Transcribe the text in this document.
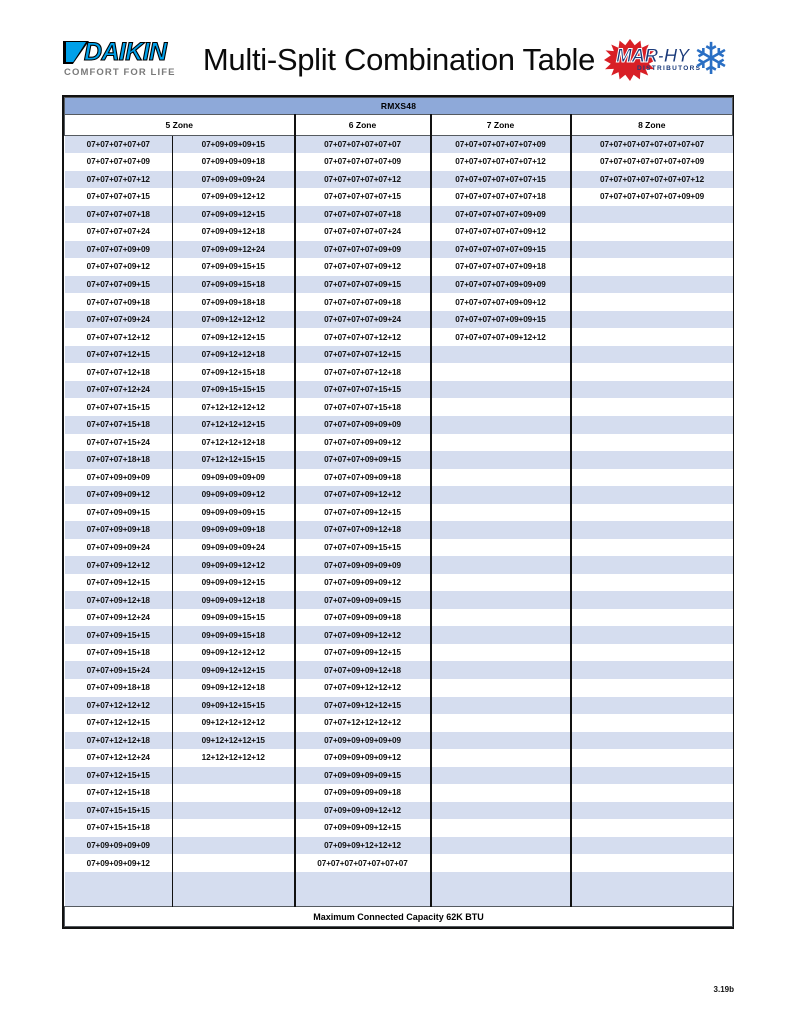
DAIKIN
COMFORT FOR LIFE Multi-Split Combination Table	MAR-HY
DISTRIBUTORS
❄
RMXS48				
5 Zone		6 Zone	7 Zone	8 Zone
07+07+07+07+07	07+09+09+09+15	07+07+07+07+07+07	07+07+07+07+07+07+09	07+07+07+07+07+07+07+07
07+07+07+07+09	07+09+09+09+18	07+07+07+07+07+09	07+07+07+07+07+07+12	07+07+07+07+07+07+07+09
07+07+07+07+12	07+09+09+09+24	07+07+07+07+07+12	07+07+07+07+07+07+15	07+07+07+07+07+07+07+12
07+07+07+07+15	07+09+09+12+12	07+07+07+07+07+15	07+07+07+07+07+07+18	07+07+07+07+07+07+09+09
07+07+07+07+18	07+09+09+12+15	07+07+07+07+07+18	07+07+07+07+07+09+09	
07+07+07+07+24	07+09+09+12+18	07+07+07+07+07+24	07+07+07+07+07+09+12	
07+07+07+09+09	07+09+09+12+24	07+07+07+07+09+09	07+07+07+07+07+09+15	
07+07+07+09+12	07+09+09+15+15	07+07+07+07+09+12	07+07+07+07+07+09+18	
07+07+07+09+15	07+09+09+15+18	07+07+07+07+09+15	07+07+07+07+09+09+09	
07+07+07+09+18	07+09+09+18+18	07+07+07+07+09+18	07+07+07+07+09+09+12	
07+07+07+09+24	07+09+12+12+12	07+07+07+07+09+24	07+07+07+07+09+09+15	
07+07+07+12+12	07+09+12+12+15	07+07+07+07+12+12	07+07+07+07+09+12+12	
07+07+07+12+15	07+09+12+12+18	07+07+07+07+12+15		
07+07+07+12+18	07+09+12+15+18	07+07+07+07+12+18		
07+07+07+12+24	07+09+15+15+15	07+07+07+07+15+15		
07+07+07+15+15	07+12+12+12+12	07+07+07+07+15+18		
07+07+07+15+18	07+12+12+12+15	07+07+07+09+09+09		
07+07+07+15+24	07+12+12+12+18	07+07+07+09+09+12		
07+07+07+18+18	07+12+12+15+15	07+07+07+09+09+15		
07+07+09+09+09	09+09+09+09+09	07+07+07+09+09+18		
07+07+09+09+12	09+09+09+09+12	07+07+07+09+12+12		
07+07+09+09+15	09+09+09+09+15	07+07+07+09+12+15		
07+07+09+09+18	09+09+09+09+18	07+07+07+09+12+18		
07+07+09+09+24	09+09+09+09+24	07+07+07+09+15+15		
07+07+09+12+12	09+09+09+12+12	07+07+09+09+09+09		
07+07+09+12+15	09+09+09+12+15	07+07+09+09+09+12		
07+07+09+12+18	09+09+09+12+18	07+07+09+09+09+15		
07+07+09+12+24	09+09+09+15+15	07+07+09+09+09+18		
07+07+09+15+15	09+09+09+15+18	07+07+09+09+12+12		
07+07+09+15+18	09+09+12+12+12	07+07+09+09+12+15		
07+07+09+15+24	09+09+12+12+15	07+07+09+09+12+18		
07+07+09+18+18	09+09+12+12+18	07+07+09+12+12+12		
07+07+12+12+12	09+09+12+15+15	07+07+09+12+12+15		
07+07+12+12+15	09+12+12+12+12	07+07+12+12+12+12		
07+07+12+12+18	09+12+12+12+15	07+09+09+09+09+09		
07+07+12+12+24	12+12+12+12+12	07+09+09+09+09+12		
07+07+12+15+15		07+09+09+09+09+15		
07+07+12+15+18		07+09+09+09+09+18		
07+07+15+15+15		07+09+09+09+12+12		
07+07+15+15+18		07+09+09+09+12+15		
07+09+09+09+09		07+09+09+12+12+12		
07+09+09+09+12		07+07+07+07+07+07+07		

Maximum Connected Capacity 62K BTU				
3.19b
